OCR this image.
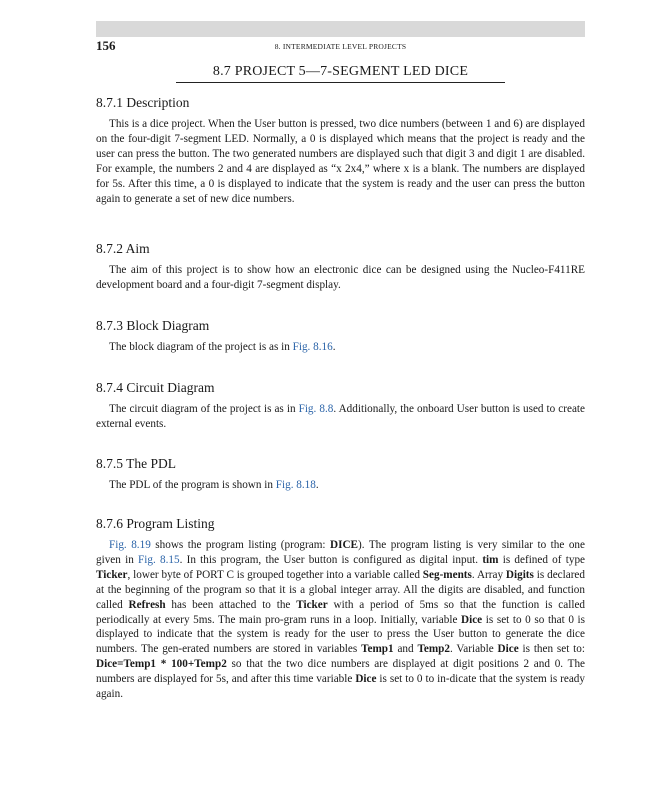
156	8. INTERMEDIATE LEVEL PROJECTS
8.7 PROJECT 5—7-SEGMENT LED DICE
8.7.1 Description

This is a dice project. When the User button is pressed, two dice numbers (between 1 and 6) are displayed on the four-digit 7-segment LED. Normally, a 0 is displayed which means that the project is ready and the user can press the button. The two generated numbers are displayed such that digit 3 and digit 1 are disabled. For example, the numbers 2 and 4 are displayed as “x 2x4,” where x is a blank. The numbers are displayed for 5s. After this time, a 0 is displayed to indicate that the system is ready and the user can press the button again to generate a set of new dice numbers.

8.7.2 Aim

The aim of this project is to show how an electronic dice can be designed using the Nucleo-F411RE development board and a four-digit 7-segment display.

8.7.3 Block Diagram

The block diagram of the project is as in Fig. 8.16.

8.7.4 Circuit Diagram

The circuit diagram of the project is as in Fig. 8.8. Additionally, the onboard User button is used to create external events.

8.7.5 The PDL

The PDL of the program is shown in Fig. 8.18.

8.7.6 Program Listing

Fig. 8.19 shows the program listing (program: DICE). The program listing is very similar to the one given in Fig. 8.15. In this program, the User button is configured as digital input. tim is defined of type Ticker, lower byte of PORT C is grouped together into a variable called Seg-ments. Array Digits is declared at the beginning of the program so that it is a global integer array. All the digits are disabled, and function called Refresh has been attached to the Ticker with a period of 5ms so that the function is called periodically at every 5ms. The main pro-gram runs in a loop. Initially, variable Dice is set to 0 so that 0 is displayed to indicate that the system is ready for the user to press the User button to generate the dice numbers. The gen-erated numbers are stored in variables Temp1 and Temp2. Variable Dice is then set to: Dice=Temp1 * 100+Temp2 so that the two dice numbers are displayed at digit positions 2 and 0. The numbers are displayed for 5s, and after this time variable Dice is set to 0 to in-dicate that the system is ready again.
